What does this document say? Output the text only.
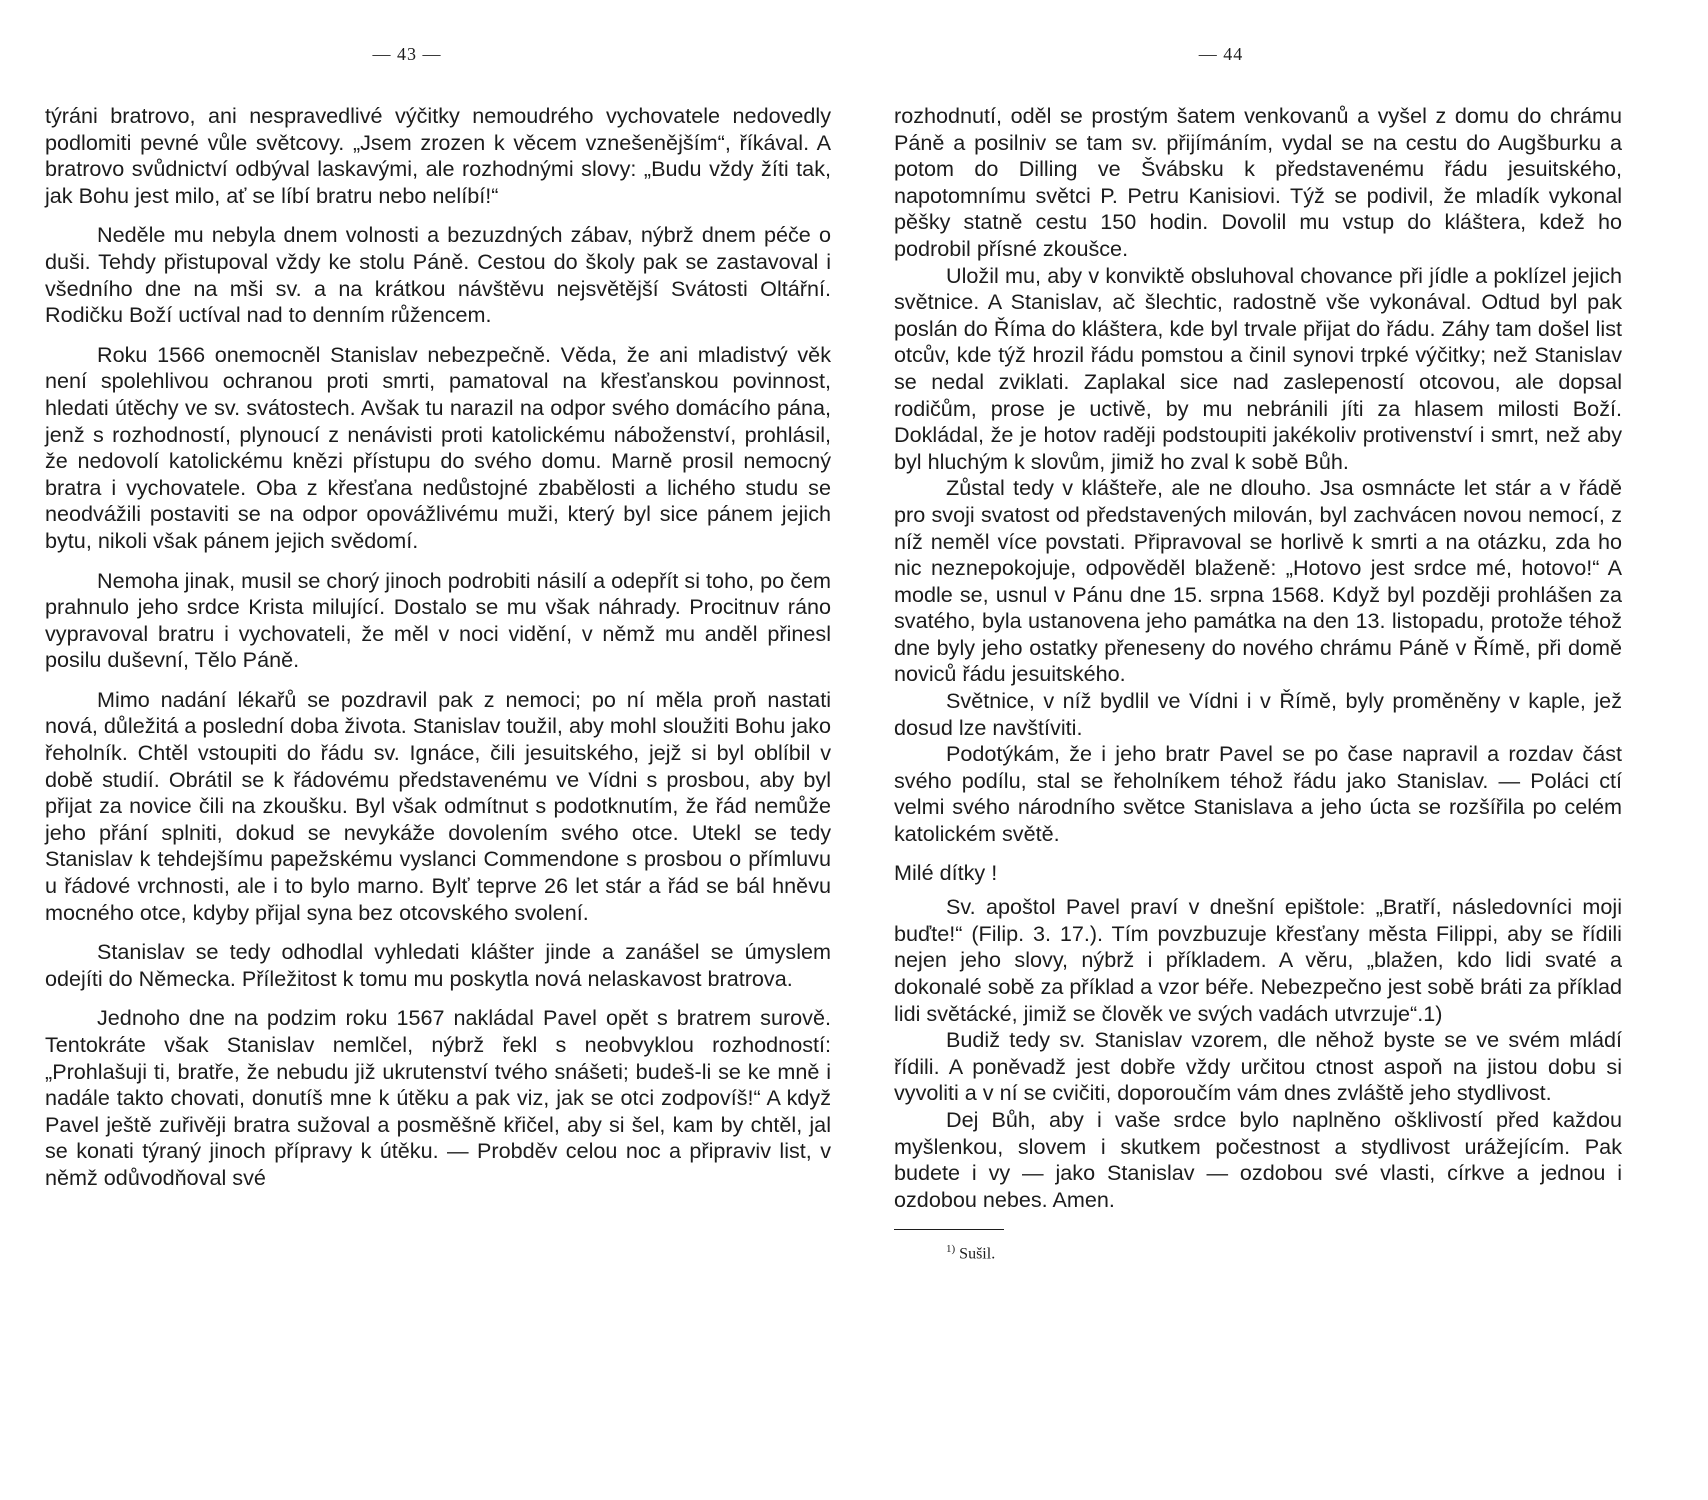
— 43 —

týráni bratrovo, ani nespravedlivé výčitky nemoudrého vychovatele nedovedly podlomiti pevné vůle světcovy. „Jsem zrozen k věcem vznešenějším“, říkával. A bratrovo svůdnictví odbýval laskavými, ale rozhodnými slovy: „Budu vždy žíti tak, jak Bohu jest milo, ať se líbí bratru nebo nelíbí!“

Neděle mu nebyla dnem volnosti a bezuzdných zábav, nýbrž dnem péče o duši. Tehdy přistupoval vždy ke stolu Páně. Cestou do školy pak se zastavoval i všedního dne na mši sv. a na krátkou návštěvu nejsvětější Svátosti Oltářní. Rodičku Boží uctíval nad to denním růžencem.

Roku 1566 onemocněl Stanislav nebezpečně. Věda, že ani mladistvý věk není spolehlivou ochranou proti smrti, pamatoval na křesťanskou povinnost, hledati útěchy ve sv. svátostech. Avšak tu narazil na odpor svého domácího pána, jenž s rozhodností, plynoucí z nenávisti proti katolickému náboženství, prohlásil, že nedovolí katolickému knězi přístupu do svého domu. Marně prosil nemocný bratra i vychovatele. Oba z křesťana nedůstojné zbabělosti a lichého studu se neodvážili postaviti se na odpor opovážlivému muži, který byl sice pánem jejich bytu, nikoli však pánem jejich svědomí.

Nemoha jinak, musil se chorý jinoch podrobiti násilí a odepřít si toho, po čem prahnulo jeho srdce Krista milující. Dostalo se mu však náhrady. Procitnuv ráno vypravoval bratru i vychovateli, že měl v noci vidění, v němž mu anděl přinesl posilu duševní, Tělo Páně.

Mimo nadání lékařů se pozdravil pak z nemoci; po ní měla proň nastati nová, důležitá a poslední doba života. Stanislav toužil, aby mohl sloužiti Bohu jako řeholník. Chtěl vstoupiti do řádu sv. Ignáce, čili jesuitského, jejž si byl oblíbil v době studií. Obrátil se k řádovému představenému ve Vídni s prosbou, aby byl přijat za novice čili na zkoušku. Byl však odmítnut s podotknutím, že řád nemůže jeho přání splniti, dokud se nevykáže dovolením svého otce. Utekl se tedy Stanislav k tehdejšímu papežskému vyslanci Commendone s prosbou o přímluvu u řádové vrchnosti, ale i to bylo marno. Bylť teprve 26 let stár a řád se bál hněvu mocného otce, kdyby přijal syna bez otcovského svolení.

Stanislav se tedy odhodlal vyhledati klášter jinde a zanášel se úmyslem odejíti do Německa. Příležitost k tomu mu poskytla nová nelaskavost bratrova.

Jednoho dne na podzim roku 1567 nakládal Pavel opět s bratrem surově. Tentokráte však Stanislav nemlčel, nýbrž řekl s neobvyklou rozhodností: „Prohlašuji ti, bratře, že nebudu již ukrutenství tvého snášeti; budeš-li se ke mně i nadále takto chovati, donutíš mne k útěku a pak viz, jak se otci zodpovíš!“ A když Pavel ještě zuřivěji bratra sužoval a posměšně křičel, aby si šel, kam by chtěl, jal se konati týraný jinoch přípravy k útěku. — Probděv celou noc a připraviv list, v němž odůvodňoval své

— 44

rozhodnutí, oděl se prostým šatem venkovanů a vyšel z domu do chrámu Páně a posilniv se tam sv. přijímáním, vydal se na cestu do Augšburku a potom do Dilling ve Švábsku k představenému řádu jesuitského, napotomnímu světci P. Petru Kanisiovi. Týž se podivil, že mladík vykonal pěšky statně cestu 150 hodin. Dovolil mu vstup do kláštera, kdež ho podrobil přísné zkoušce.

Uložil mu, aby v konviktě obsluhoval chovance při jídle a poklízel jejich světnice. A Stanislav, ač šlechtic, radostně vše vykonával. Odtud byl pak poslán do Říma do kláštera, kde byl trvale přijat do řádu. Záhy tam došel list otcův, kde týž hrozil řádu pomstou a činil synovi trpké výčitky; než Stanislav se nedal zviklati. Zaplakal sice nad zaslepeností otcovou, ale dopsal rodičům, prose je uctivě, by mu nebránili jíti za hlasem milosti Boží. Dokládal, že je hotov raději podstoupiti jakékoliv protivenství i smrt, než aby byl hluchým k slovům, jimiž ho zval k sobě Bůh.

Zůstal tedy v klášteře, ale ne dlouho. Jsa osmnácte let stár a v řádě pro svoji svatost od představených milován, byl zachvácen novou nemocí, z níž neměl více povstati. Připravoval se horlivě k smrti a na otázku, zda ho nic neznepokojuje, odpověděl blaženě: „Hotovo jest srdce mé, hotovo!“ A modle se, usnul v Pánu dne 15. srpna 1568. Když byl později prohlášen za svatého, byla ustanovena jeho památka na den 13. listopadu, protože téhož dne byly jeho ostatky přeneseny do nového chrámu Páně v Římě, při domě noviců řádu jesuitského.

Světnice, v níž bydlil ve Vídni i v Římě, byly proměněny v kaple, jež dosud lze navštíviti.

Podotýkám, že i jeho bratr Pavel se po čase napravil a rozdav část svého podílu, stal se řeholníkem téhož řádu jako Stanislav. — Poláci ctí velmi svého národního světce Stanislava a jeho úcta se rozšířila po celém katolickém světě.

Milé dítky !

Sv. apoštol Pavel praví v dnešní epištole: „Bratří, následovníci moji buďte!“ (Filip. 3. 17.). Tím povzbuzuje křesťany města Filippi, aby se řídili nejen jeho slovy, nýbrž i příkladem. A věru, „blažen, kdo lidi svaté a dokonalé sobě za příklad a vzor béře. Nebezpečno jest sobě bráti za příklad lidi světácké, jimiž se člověk ve svých vadách utvrzuje“.1)

Budiž tedy sv. Stanislav vzorem, dle něhož byste se ve svém mládí řídili. A poněvadž jest dobře vždy určitou ctnost aspoň na jistou dobu si vyvoliti a v ní se cvičiti, doporoučím vám dnes zvláště jeho stydlivost.

Dej Bůh, aby i vaše srdce bylo naplněno ošklivostí před každou myšlenkou, slovem i skutkem počestnost a stydlivost urážejícím. Pak budete i vy — jako Stanislav — ozdobou své vlasti, církve a jednou i ozdobou nebes. Amen.

$^{1)}$ Sušil.
